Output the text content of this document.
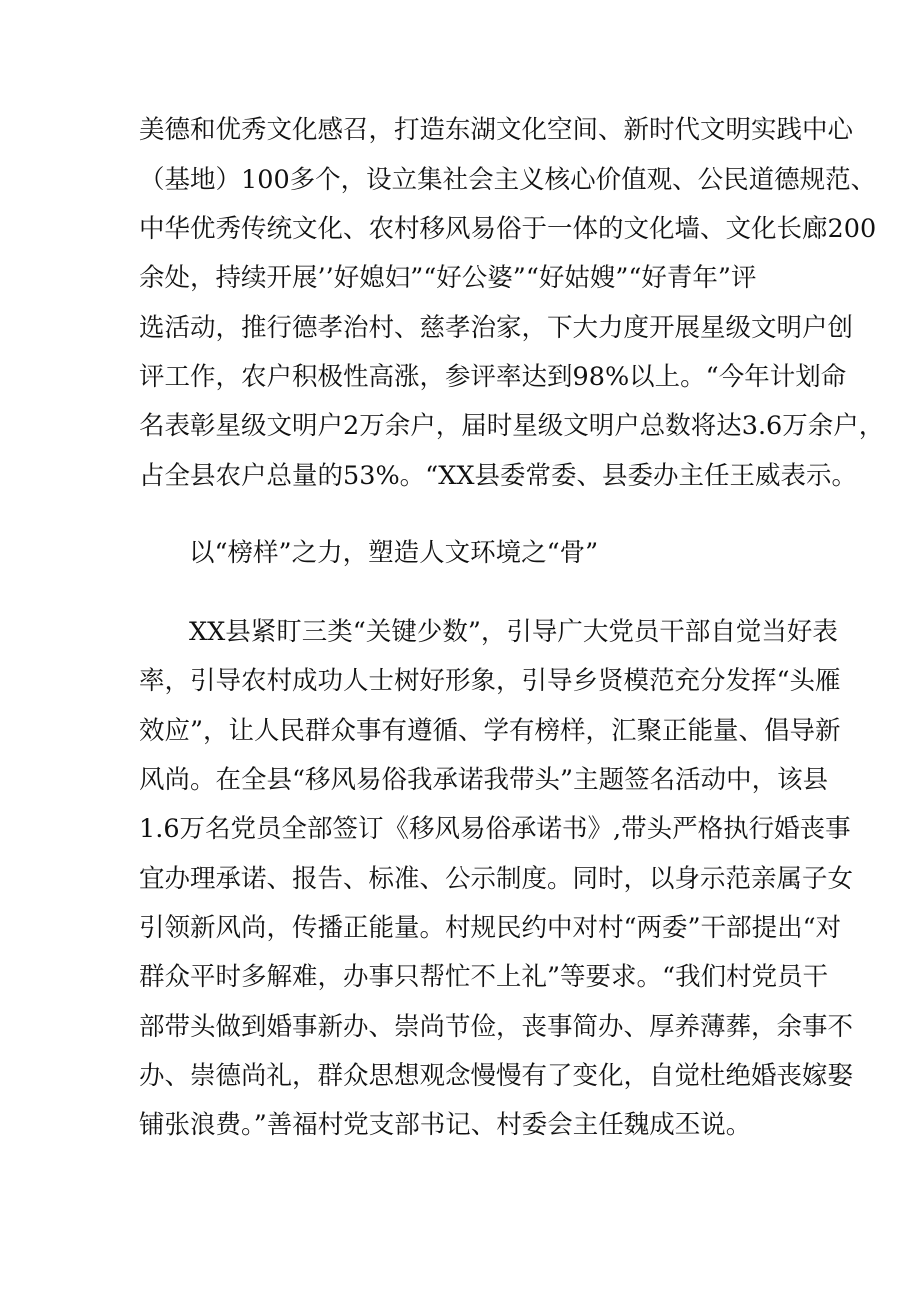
美德和优秀文化感召，打造东湖文化空间、新时代文明实践中心
（基地）100多个，设立集社会主义核心价值观、公民道德规范、
中华优秀传统文化、农村移风易俗于一体的文化墙、文化长廊200
余处，持续开展’’好媳妇”“好公婆”“好姑嫂”“好青年”评
选活动，推行德孝治村、慈孝治家，下大力度开展星级文明户创
评工作，农户积极性高涨，参评率达到98%以上。“今年计划命
名表彰星级文明户2万余户，届时星级文明户总数将达3.6万余户，
占全县农户总量的53%。“XX县委常委、县委办主任王威表示。
以“榜样”之力，塑造人文环境之“骨”
XX县紧盯三类“关键少数”，引导广大党员干部自觉当好表
率，引导农村成功人士树好形象，引导乡贤模范充分发挥“头雁
效应”，让人民群众事有遵循、学有榜样，汇聚正能量、倡导新
风尚。在全县“移风易俗我承诺我带头”主题签名活动中，该县
1.6万名党员全部签订《移风易俗承诺书》,带头严格执行婚丧事
宜办理承诺、报告、标准、公示制度。同时，以身示范亲属子女
引领新风尚，传播正能量。村规民约中对村“两委”干部提出“对
群众平时多解难，办事只帮忙不上礼”等要求。“我们村党员干
部带头做到婚事新办、崇尚节俭，丧事简办、厚养薄葬，余事不
办、崇德尚礼，群众思想观念慢慢有了变化，自觉杜绝婚丧嫁娶
铺张浪费。”善福村党支部书记、村委会主任魏成丕说。
